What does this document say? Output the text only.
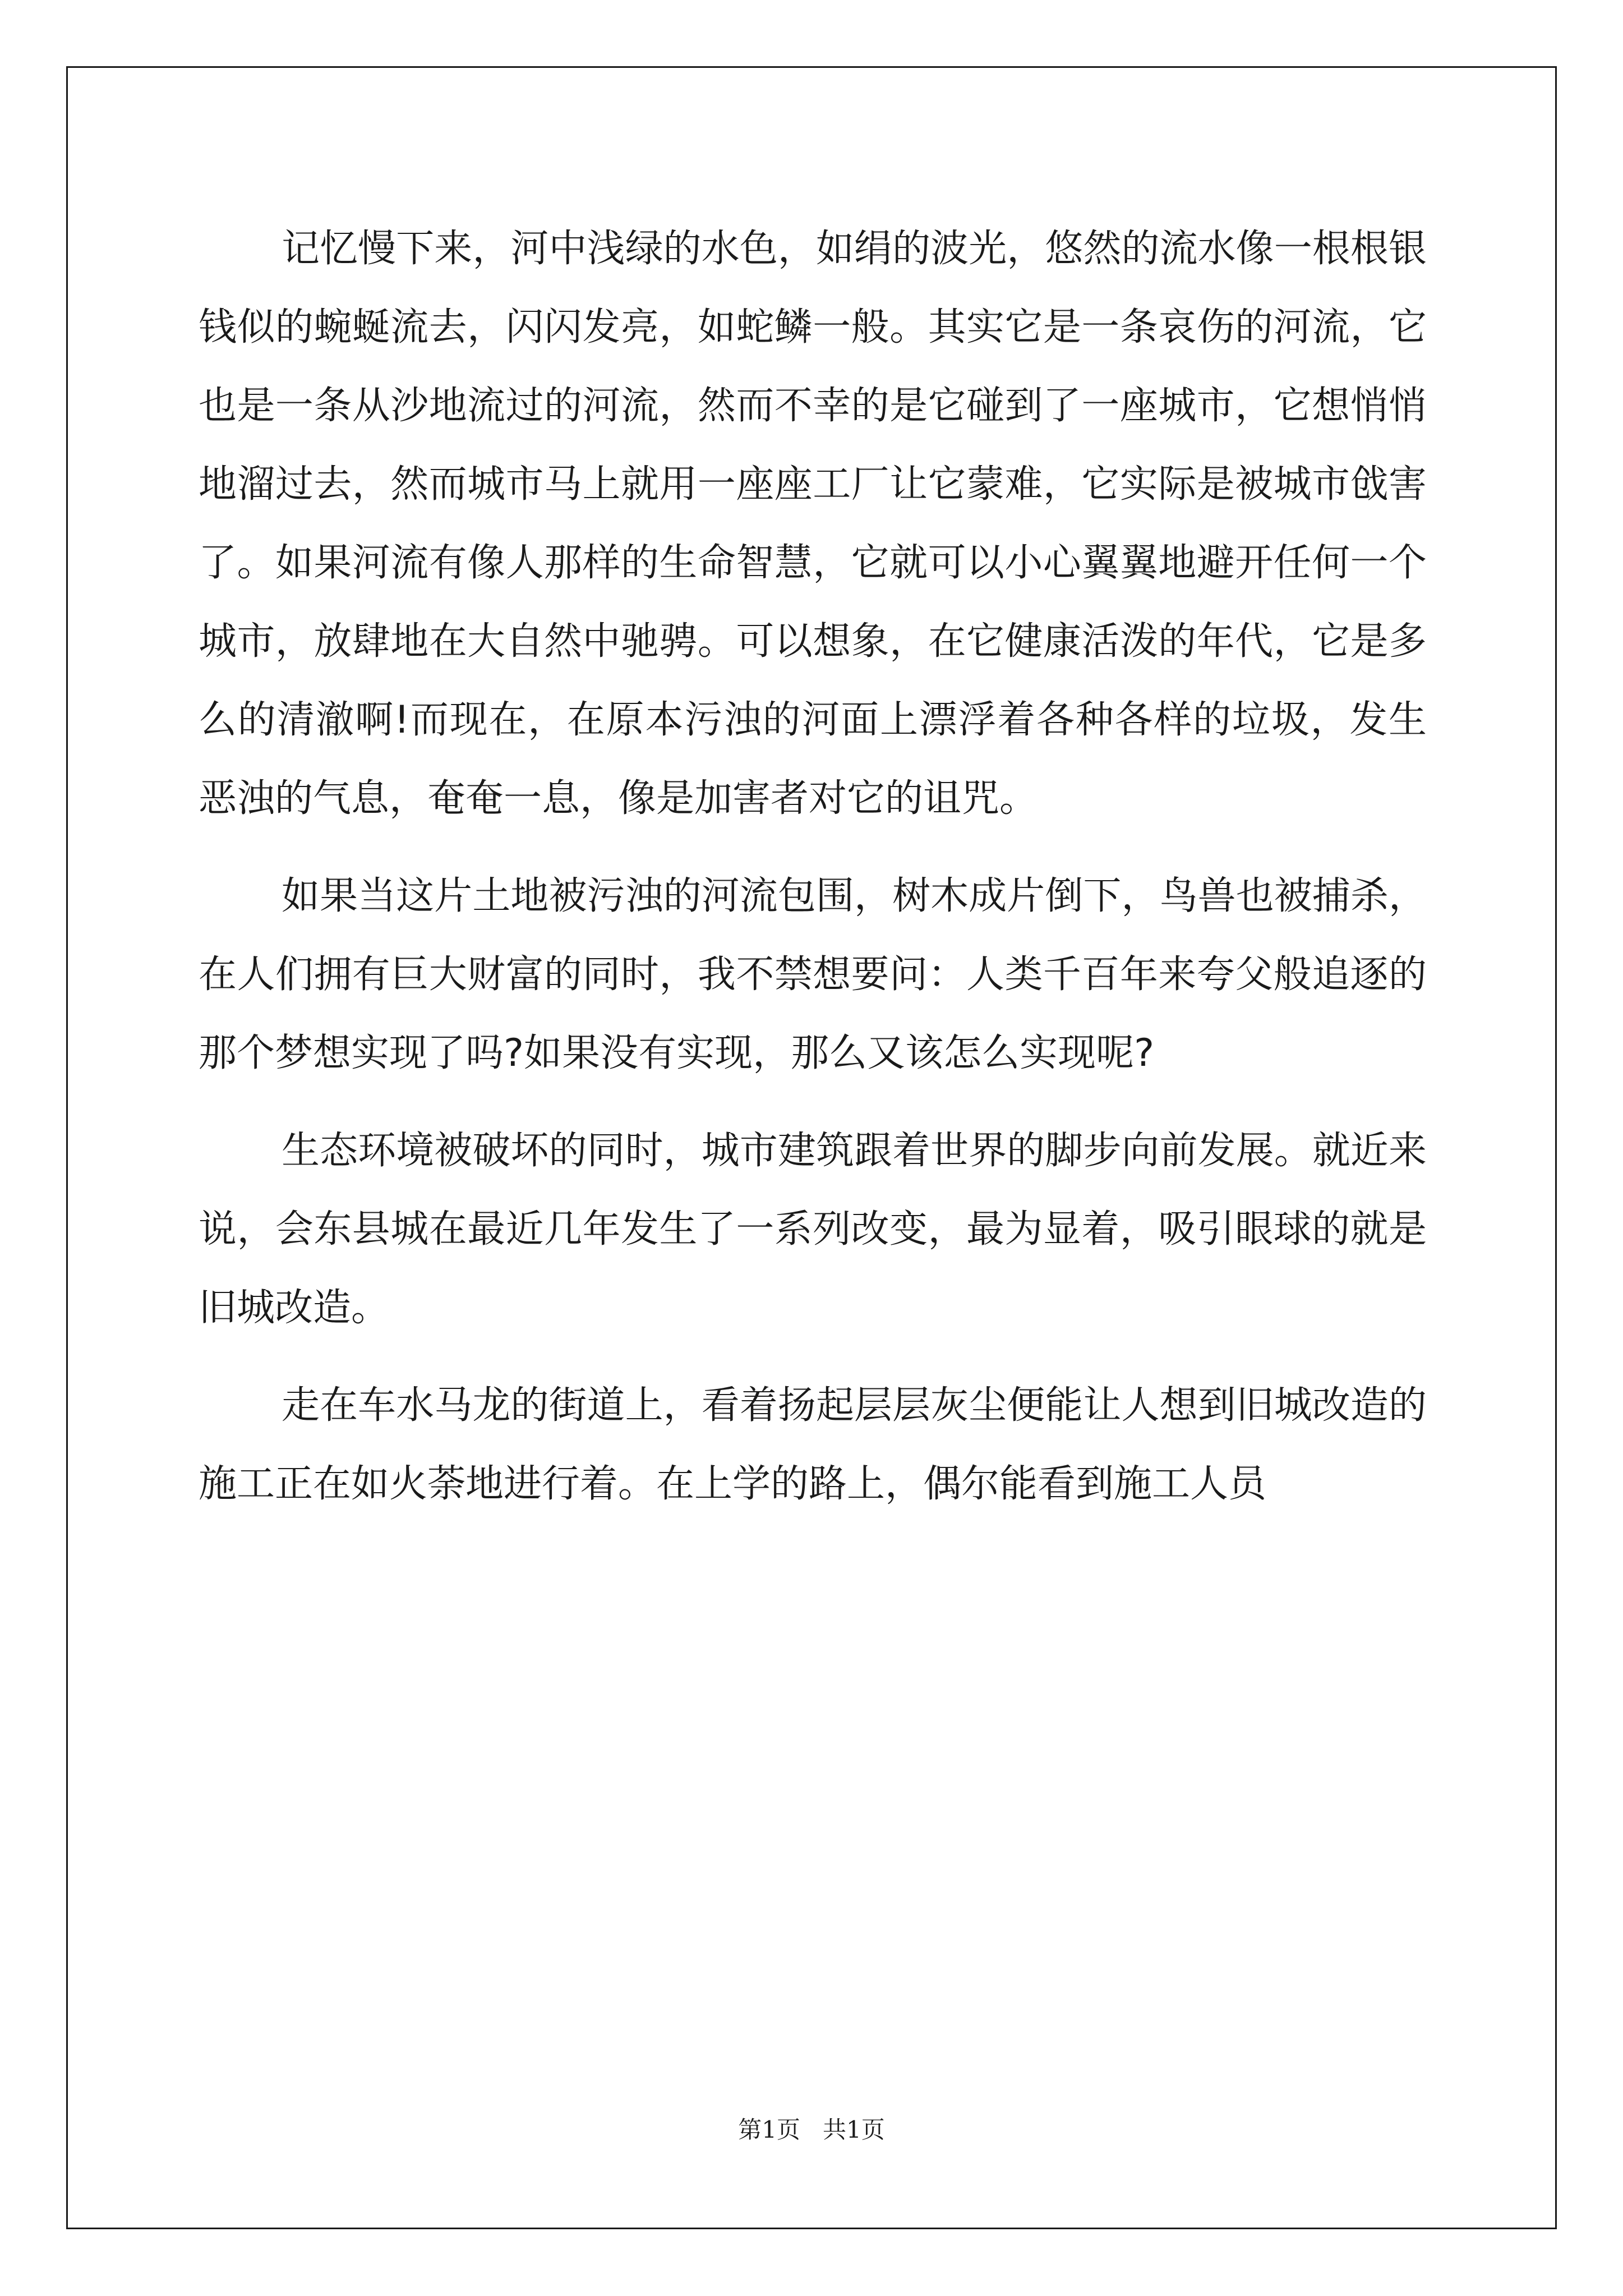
记忆慢下来，河中浅绿的水色，如绢的波光，悠然的流水像一根根银钱似的蜿蜒流去，闪闪发亮，如蛇鳞一般。其实它是一条哀伤的河流，它也是一条从沙地流过的河流，然而不幸的是它碰到了一座城市，它想悄悄地溜过去，然而城市马上就用一座座工厂让它蒙难，它实际是被城市戗害了。如果河流有像人那样的生命智慧，它就可以小心翼翼地避开任何一个城市，放肆地在大自然中驰骋。可以想象，在它健康活泼的年代，它是多么的清澈啊!而现在，在原本污浊的河面上漂浮着各种各样的垃圾，发生恶浊的气息，奄奄一息，像是加害者对它的诅咒。

如果当这片土地被污浊的河流包围，树木成片倒下，鸟兽也被捕杀，在人们拥有巨大财富的同时，我不禁想要问：人类千百年来夸父般追逐的那个梦想实现了吗?如果没有实现，那么又该怎么实现呢?

生态环境被破坏的同时，城市建筑跟着世界的脚步向前发展。就近来说，会东县城在最近几年发生了一系列改变，最为显着，吸引眼球的就是旧城改造。

走在车水马龙的街道上，看着扬起层层灰尘便能让人想到旧城改造的施工正在如火荼地进行着。在上学的路上，偶尔能看到施工人员

第1页   共1页
